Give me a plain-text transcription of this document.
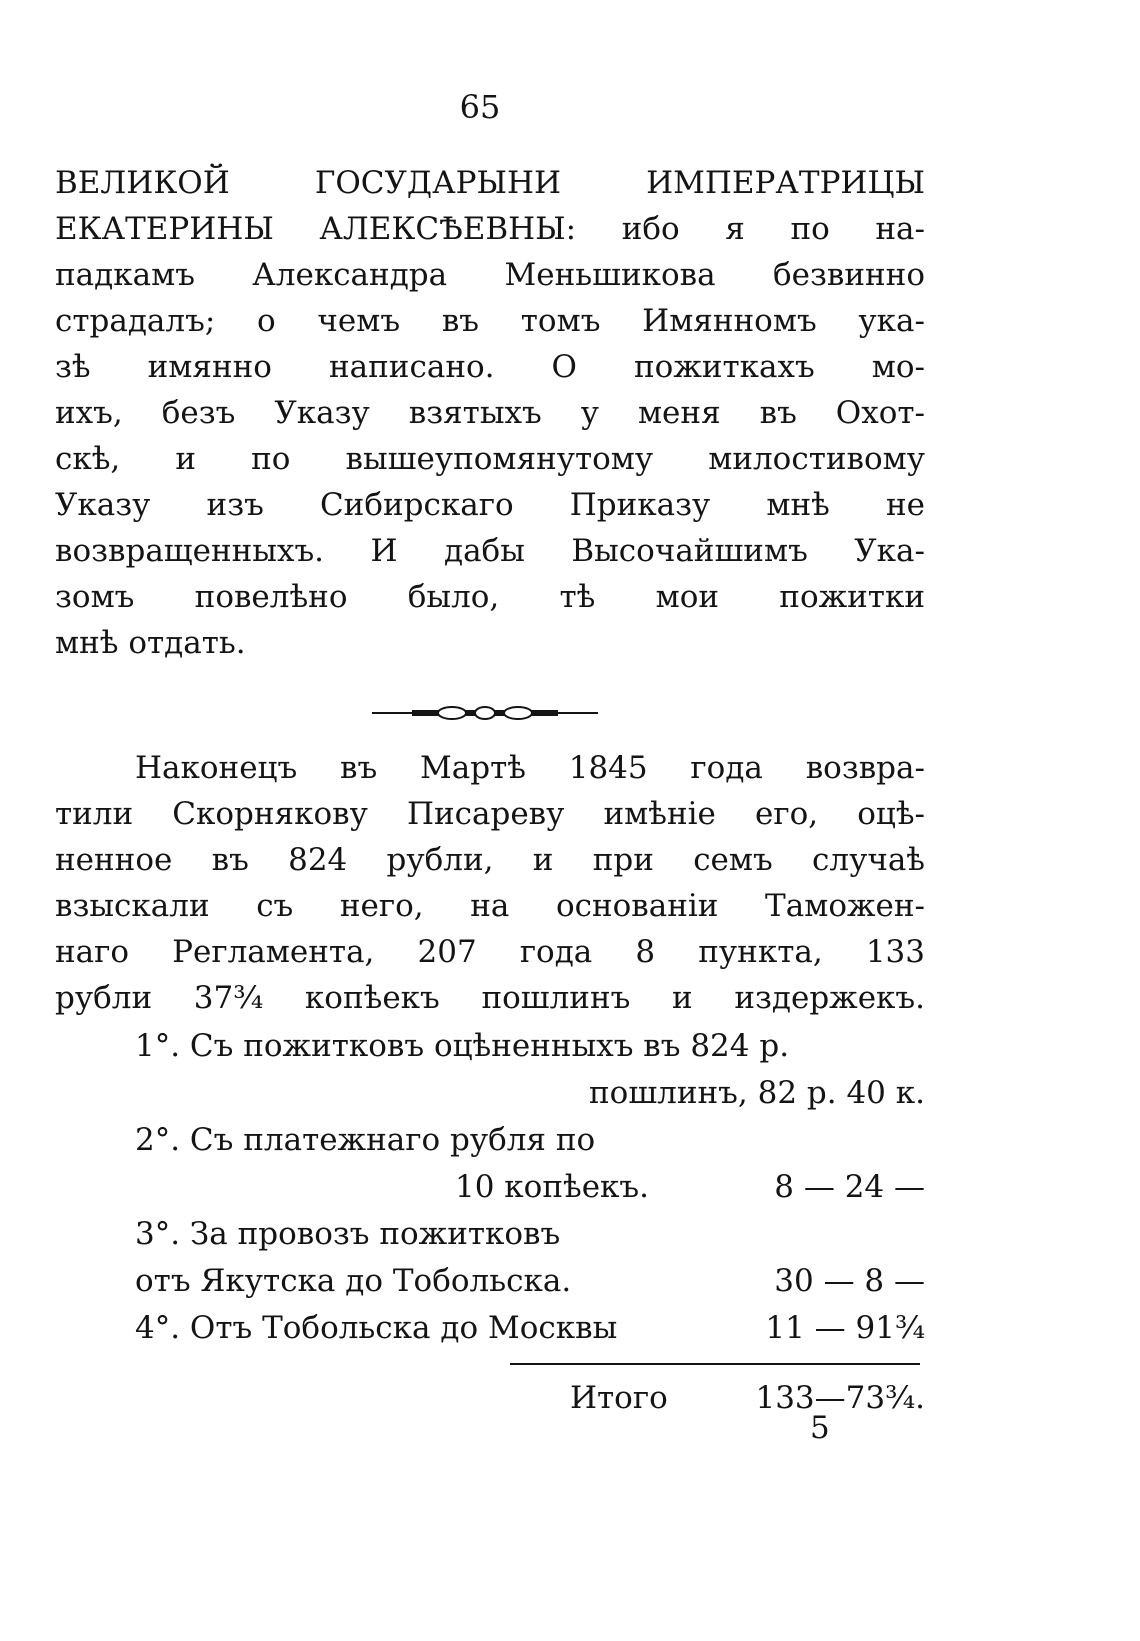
65
ВЕЛИКОЙ ГОСУДАРЫНИ ИМПЕРАТРИЦЫ
ЕКАТЕРИНЫ АЛЕКСѢЕВНЫ: ибо я по на-
падкамъ Александра Меньшикова безвинно
страдалъ; о чемъ въ томъ Имянномъ ука-
зѣ имянно написано. О пожиткахъ мо-
ихъ, безъ Указу взятыхъ у меня въ Охот-
скѣ, и по вышеупомянутому милостивому
Указу изъ Сибирскаго Приказу мнѣ не
возвращенныхъ. И дабы Высочайшимъ Ука-
зомъ повелѣно было, тѣ мои пожитки
мнѣ отдать.
Наконецъ въ Мартѣ 1845 года возвра-
тили Скорнякову Писареву имѣніе его, оцѣ-
ненное въ 824 рубли, и при семъ случаѣ
взыскали съ него, на основаніи Таможен-
наго Регламента, 207 года 8 пункта, 133
рубли 37¾ копѣекъ пошлинъ и издержекъ.
1°. Съ пожитковъ оцѣненныхъ въ 824 р.
пошлинъ, 82 р. 40 к.
2°. Съ платежнаго рубля по
10 копѣекъ.	8 — 24 —
3°. За провозъ пожитковъ
отъ Якутска до Тобольска.	30 — 8 —
4°. Отъ Тобольска до Москвы	11 — 91¾
Итого	133—73¾.
5
